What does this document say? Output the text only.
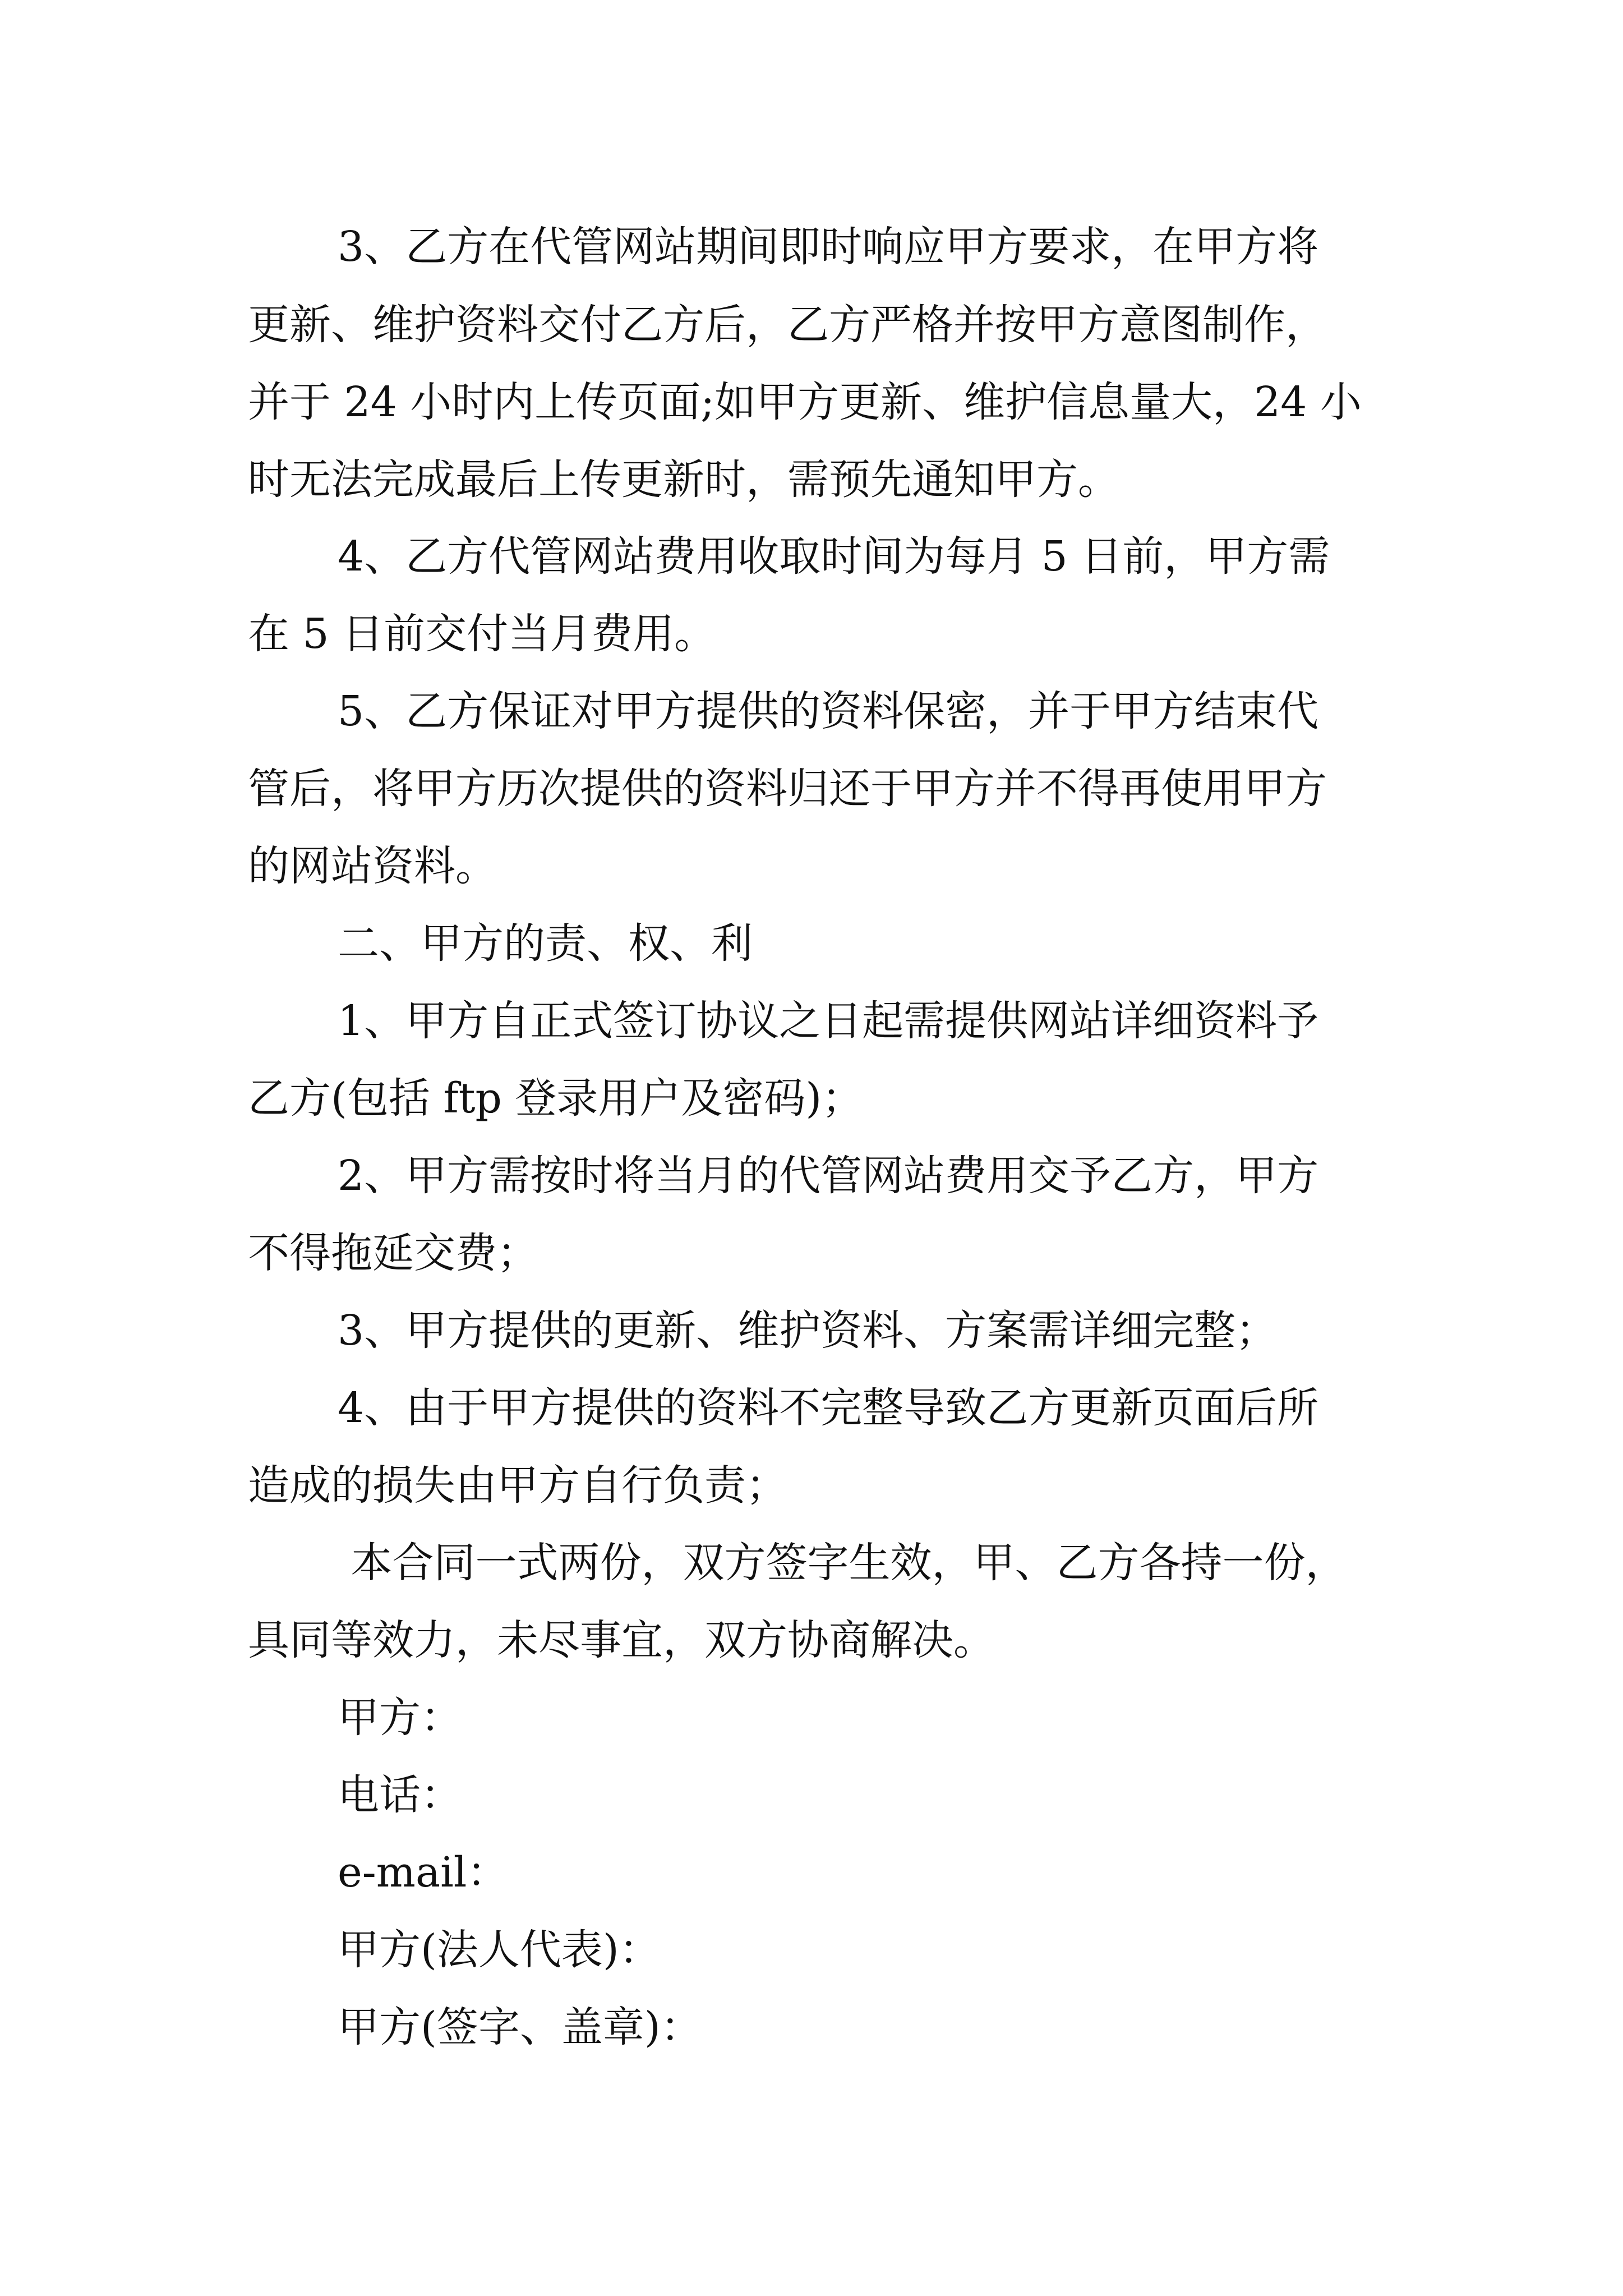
3、乙方在代管网站期间即时响应甲方要求，在甲方将
更新、维护资料交付乙方后，乙方严格并按甲方意图制作，
并于 24 小时内上传页面;如甲方更新、维护信息量大，24 小
时无法完成最后上传更新时，需预先通知甲方。
4、乙方代管网站费用收取时间为每月 5 日前，甲方需
在 5 日前交付当月费用。
5、乙方保证对甲方提供的资料保密，并于甲方结束代
管后，将甲方历次提供的资料归还于甲方并不得再使用甲方
的网站资料。
二、甲方的责、权、利
1、甲方自正式签订协议之日起需提供网站详细资料予
乙方(包括 ftp 登录用户及密码)；
2、甲方需按时将当月的代管网站费用交予乙方，甲方
不得拖延交费；
3、甲方提供的更新、维护资料、方案需详细完整；
4、由于甲方提供的资料不完整导致乙方更新页面后所
造成的损失由甲方自行负责；
本合同一式两份，双方签字生效，甲、乙方各持一份，
具同等效力，未尽事宜，双方协商解决。
甲方：
电话：
e-mail：
甲方(法人代表)：
甲方(签字、盖章)：
